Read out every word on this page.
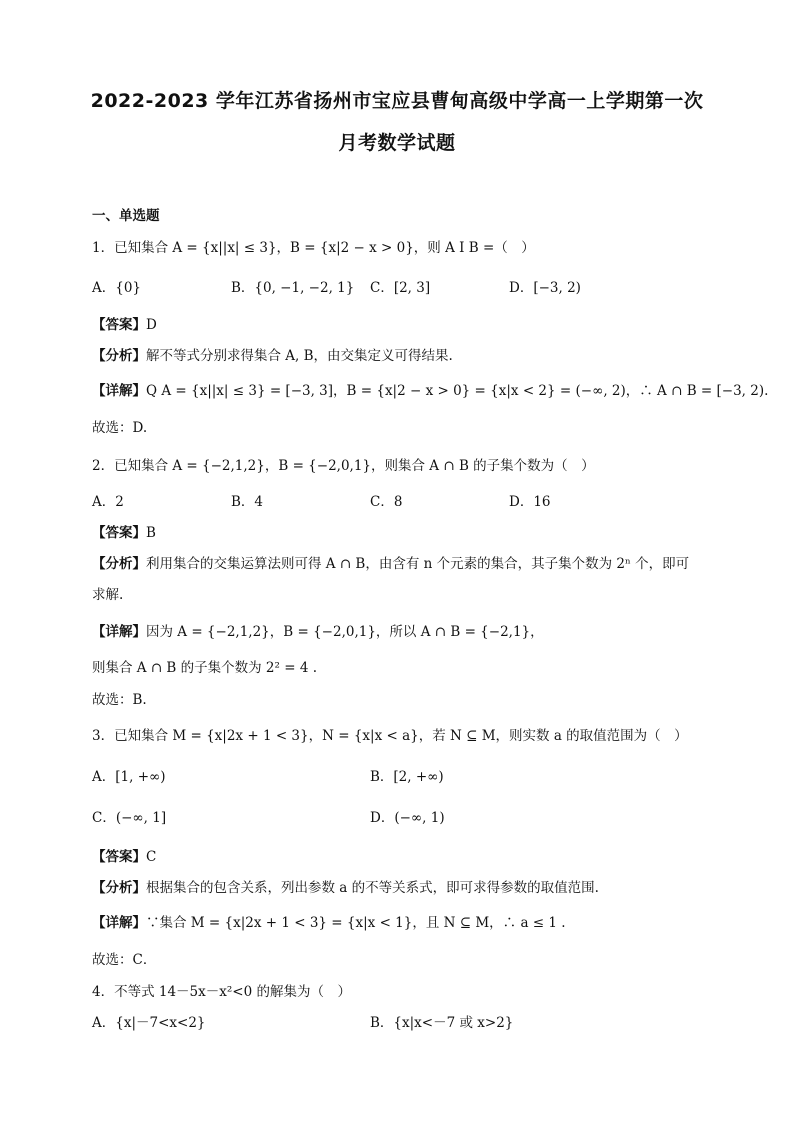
2022-2023 学年江苏省扬州市宝应县曹甸高级中学高一上学期第一次
月考数学试题
一、单选题
1．已知集合 A = {x||x| ≤ 3}，B = {x|2 − x > 0}，则 A I B =（　）
A．{0}	B．{0, −1, −2, 1} C．[2, 3]	D．[−3, 2)
【答案】D
【分析】解不等式分别求得集合 A, B，由交集定义可得结果.
【详解】Q A = {x||x| ≤ 3} = [−3, 3]，B = {x|2 − x > 0} = {x|x < 2} = (−∞, 2)，∴ A ∩ B = [−3, 2).
故选：D.
2．已知集合 A = {−2,1,2}，B = {−2,0,1}，则集合 A ∩ B 的子集个数为（　）
A．2	B．4	C．8	D．16
【答案】B
【分析】利用集合的交集运算法则可得 A ∩ B，由含有 n 个元素的集合，其子集个数为 2ⁿ 个，即可
求解.
【详解】因为 A = {−2,1,2}，B = {−2,0,1}，所以 A ∩ B = {−2,1}，
则集合 A ∩ B 的子集个数为 2² = 4 .
故选：B.
3．已知集合 M = {x|2x + 1 < 3}，N = {x|x < a}，若 N ⊆ M，则实数 a 的取值范围为（　）
A．[1, +∞)	B．[2, +∞)
C．(−∞, 1]	D．(−∞, 1)
【答案】C
【分析】根据集合的包含关系，列出参数 a 的不等关系式，即可求得参数的取值范围.
【详解】∵集合 M = {x|2x + 1 < 3} = {x|x < 1}，且 N ⊆ M，∴ a ≤ 1 .
故选：C．
4．不等式 14－5x－x²<0 的解集为（　）
A．{x|－7<x<2}	B．{x|x<－7 或 x>2}
